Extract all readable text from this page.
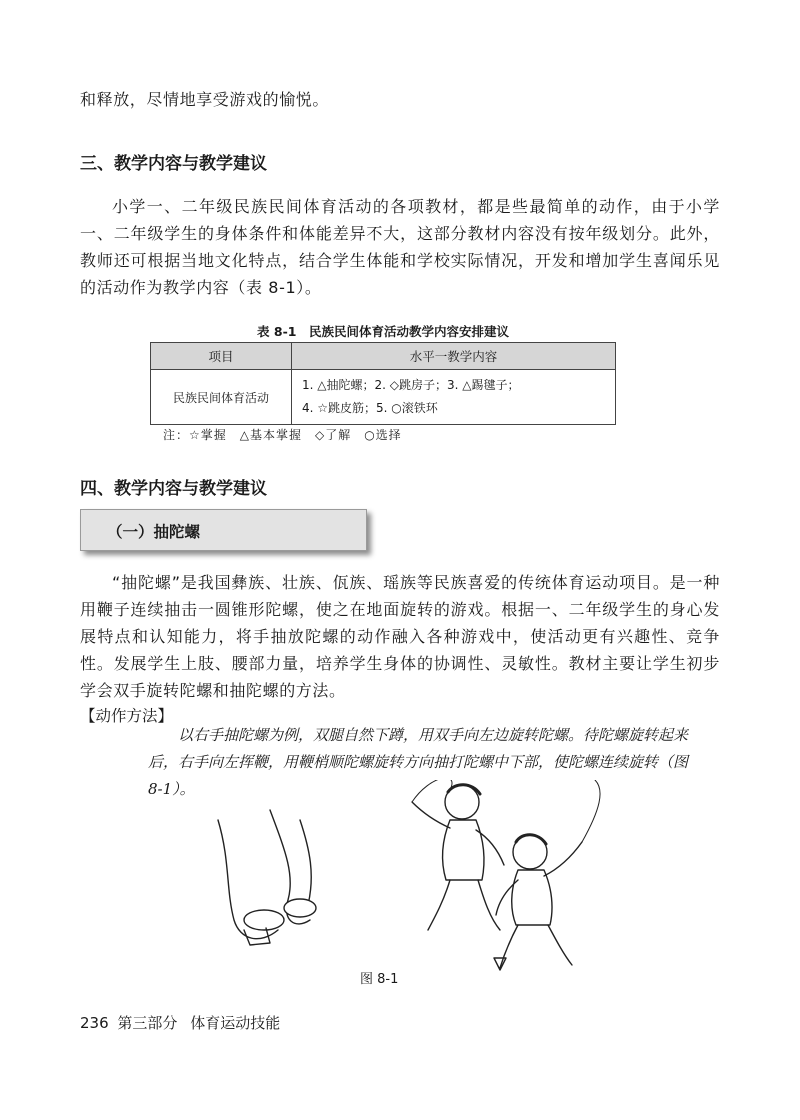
和释放，尽情地享受游戏的愉悦。
三、教学内容与教学建议
小学一、二年级民族民间体育活动的各项教材，都是些最简单的动作，由于小学一、二年级学生的身体条件和体能差异不大，这部分教材内容没有按年级划分。此外，教师还可根据当地文化特点，结合学生体能和学校实际情况，开发和增加学生喜闻乐见的活动作为教学内容（表 8-1）。
表 8-1　民族民间体育活动教学内容安排建议
项目	水平一教学内容
民族民间体育活动	1. △抽陀螺；2. ◇跳房子；3. △踢毽子；
4. ☆跳皮筋；5. ○滚铁环
注：☆掌握　△基本掌握　◇了解　○选择
四、教学内容与教学建议
（一）抽陀螺
“抽陀螺”是我国彝族、壮族、佤族、瑶族等民族喜爱的传统体育运动项目。是一种用鞭子连续抽击一圆锥形陀螺，使之在地面旋转的游戏。根据一、二年级学生的身心发展特点和认知能力，将手抽放陀螺的动作融入各种游戏中，使活动更有兴趣性、竞争性。发展学生上肢、腰部力量，培养学生身体的协调性、灵敏性。教材主要让学生初步学会双手旋转陀螺和抽陀螺的方法。
【动作方法】
以右手抽陀螺为例，双腿自然下蹲，用双手向左边旋转陀螺。待陀螺旋转起来后，右手向左挥鞭，用鞭梢顺陀螺旋转方向抽打陀螺中下部，使陀螺连续旋转（图 8-1）。
图 8-1
236 第三部分 体育运动技能
